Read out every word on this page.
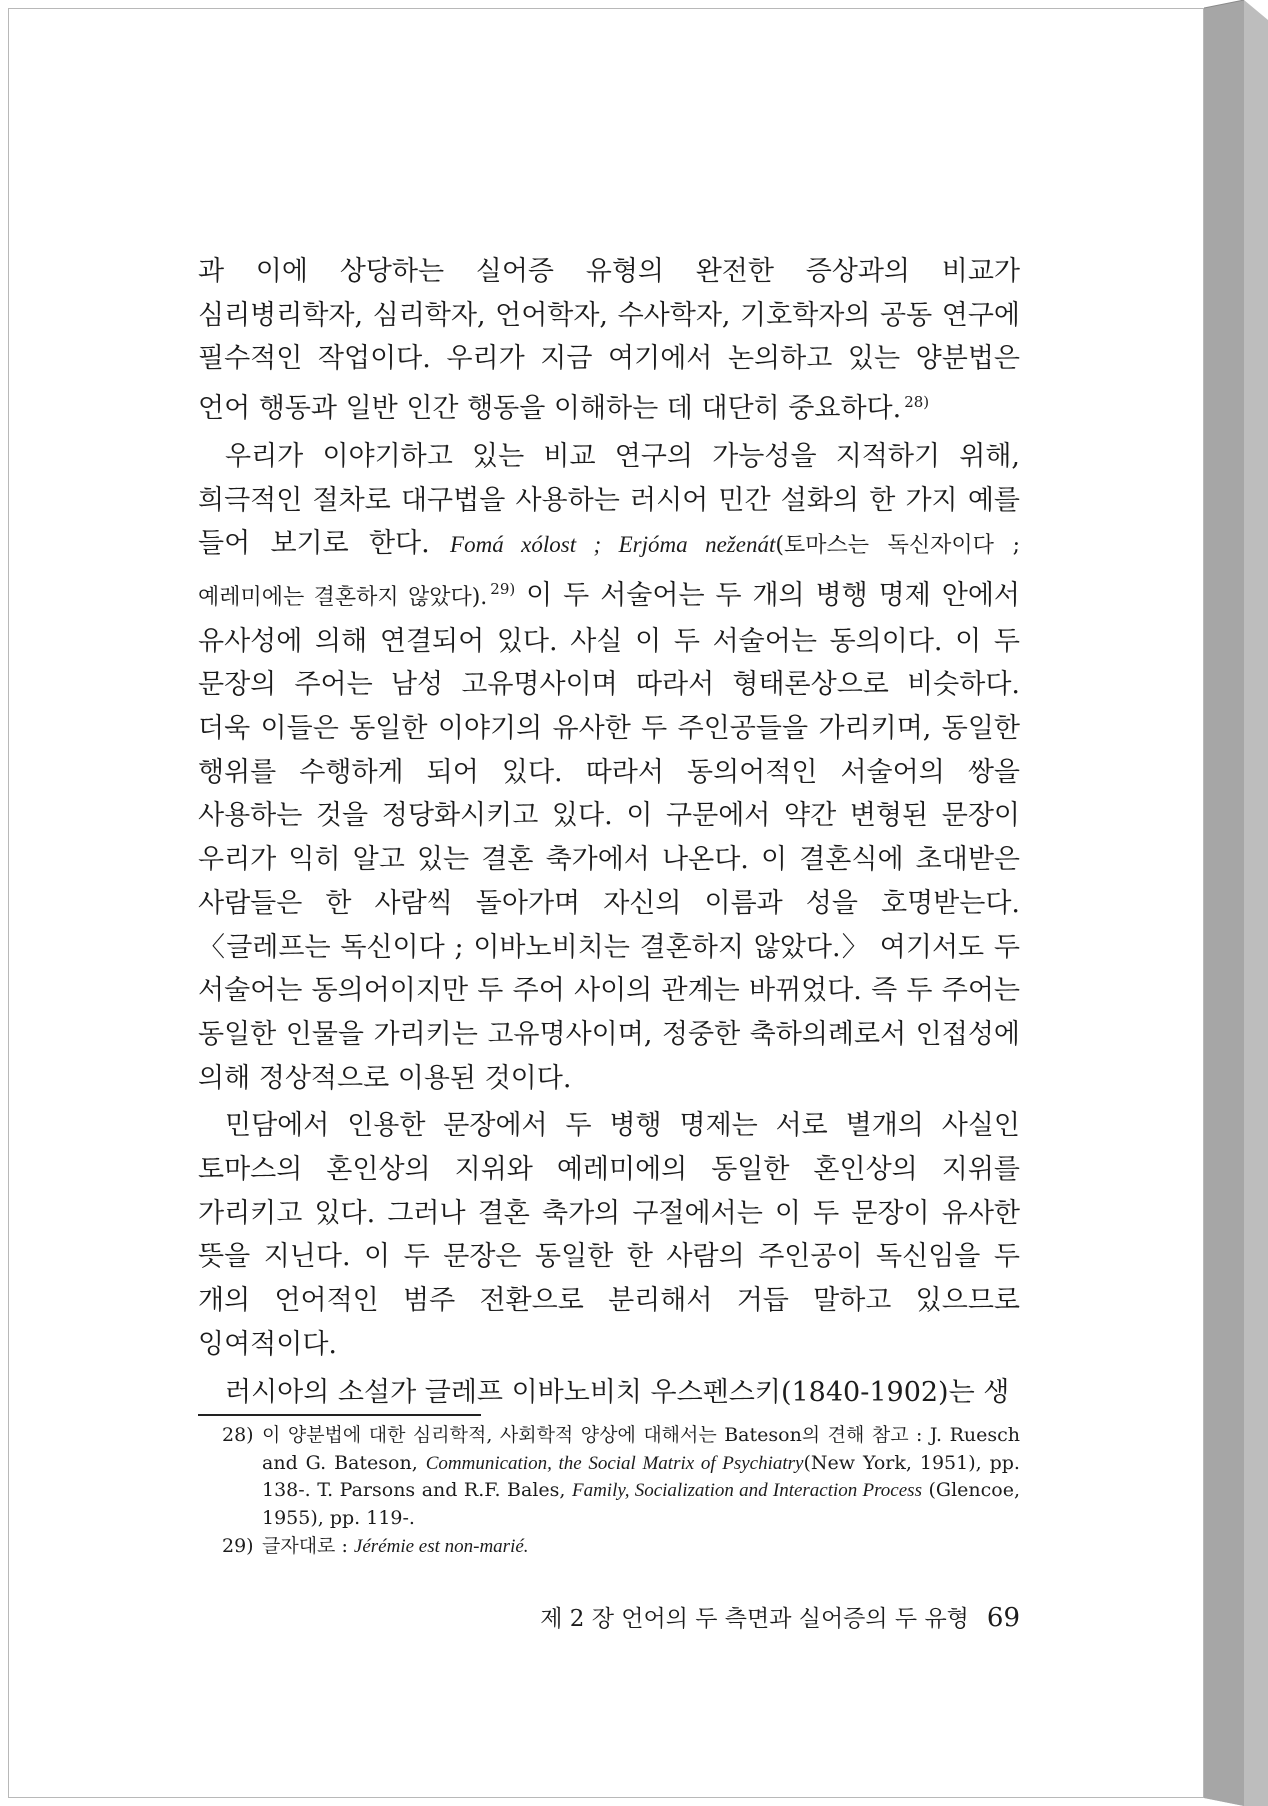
과 이에 상당하는 실어증 유형의 완전한 증상과의 비교가 심리병리학자, 심리학자, 언어학자, 수사학자, 기호학자의 공동 연구에 필수적인 작업이다. 우리가 지금 여기에서 논의하고 있는 양분법은 언어 행동과 일반 인간 행동을 이해하는 데 대단히 중요하다. $^{28)}$

우리가 이야기하고 있는 비교 연구의 가능성을 지적하기 위해, 희극적인 절차로 대구법을 사용하는 러시어 민간 설화의 한 가지 예를 들어 보기로 한다. Fomá xólost ; Erjóma neženát(토마스는 독신자이다 ; 예레미에는 결혼하지 않았다). $^{29)}$ 이 두 서술어는 두 개의 병행 명제 안에서 유사성에 의해 연결되어 있다. 사실 이 두 서술어는 동의이다. 이 두 문장의 주어는 남성 고유명사이며 따라서 형태론상으로 비슷하다. 더욱 이들은 동일한 이야기의 유사한 두 주인공들을 가리키며, 동일한 행위를 수행하게 되어 있다. 따라서 동의어적인 서술어의 쌍을 사용하는 것을 정당화시키고 있다. 이 구문에서 약간 변형된 문장이 우리가 익히 알고 있는 결혼 축가에서 나온다. 이 결혼식에 초대받은 사람들은 한 사람씩 돌아가며 자신의 이름과 성을 호명받는다. 〈글레프는 독신이다 ; 이바노비치는 결혼하지 않았다.〉 여기서도 두 서술어는 동의어이지만 두 주어 사이의 관계는 바뀌었다. 즉 두 주어는 동일한 인물을 가리키는 고유명사이며, 정중한 축하의례로서 인접성에 의해 정상적으로 이용된 것이다.

민담에서 인용한 문장에서 두 병행 명제는 서로 별개의 사실인 토마스의 혼인상의 지위와 예레미에의 동일한 혼인상의 지위를 가리키고 있다. 그러나 결혼 축가의 구절에서는 이 두 문장이 유사한 뜻을 지닌다. 이 두 문장은 동일한 한 사람의 주인공이 독신임을 두 개의 언어적인 범주 전환으로 분리해서 거듭 말하고 있으므로 잉여적이다.

러시아의 소설가 글레프 이바노비치 우스펜스키(1840-1902)는 생

28) 이 양분법에 대한 심리학적, 사회학적 양상에 대해서는 Bateson의 견해 참고 : J. Ruesch and G. Bateson, Communication, the Social Matrix of Psychiatry(New York, 1951), pp. 138-. T. Parsons and R.F. Bales, Family, Socialization and Interaction Process (Glencoe, 1955), pp. 119-.
29) 글자대로 : Jérémie est non-marié.
제 2 장 언어의 두 측면과 실어증의 두 유형 69
